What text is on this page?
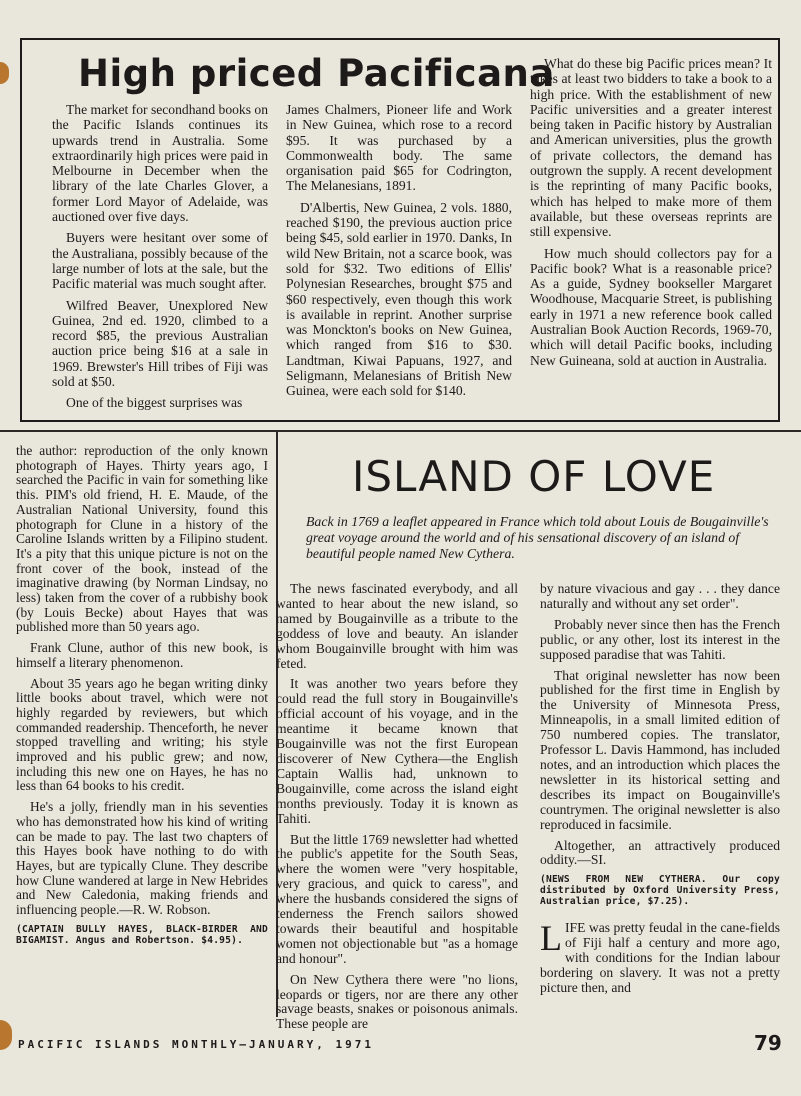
High priced Pacificana

The market for secondhand books on the Pacific Islands continues its upwards trend in Australia. Some extraordinarily high prices were paid in Melbourne in December when the library of the late Charles Glover, a former Lord Mayor of Adelaide, was auctioned over five days.

Buyers were hesitant over some of the Australiana, possibly because of the large number of lots at the sale, but the Pacific material was much sought after.

Wilfred Beaver, Unexplored New Guinea, 2nd ed. 1920, climbed to a record $85, the previous Australian auction price being $16 at a sale in 1969. Brewster's Hill tribes of Fiji was sold at $50.

One of the biggest surprises was

James Chalmers, Pioneer life and Work in New Guinea, which rose to a record $95. It was purchased by a Commonwealth body. The same organisation paid $65 for Codrington, The Melanesians, 1891.

D'Albertis, New Guinea, 2 vols. 1880, reached $190, the previous auction price being $45, sold earlier in 1970. Danks, In wild New Britain, not a scarce book, was sold for $32. Two editions of Ellis' Polynesian Researches, brought $75 and $60 respectively, even though this work is available in reprint. Another surprise was Monckton's books on New Guinea, which ranged from $16 to $30. Landtman, Kiwai Papuans, 1927, and Seligmann, Melanesians of British New Guinea, were each sold for $140.

What do these big Pacific prices mean? It takes at least two bidders to take a book to a high price. With the establishment of new Pacific universities and a greater interest being taken in Pacific history by Australian and American universities, plus the growth of private collectors, the demand has outgrown the supply. A recent development is the reprinting of many Pacific books, which has helped to make more of them available, but these overseas reprints are still expensive.

How much should collectors pay for a Pacific book? What is a reasonable price? As a guide, Sydney bookseller Margaret Woodhouse, Macquarie Street, is publishing early in 1971 a new reference book called Australian Book Auction Records, 1969-70, which will detail Pacific books, including New Guineana, sold at auction in Australia.

the author: reproduction of the only known photograph of Hayes. Thirty years ago, I searched the Pacific in vain for something like this. PIM's old friend, H. E. Maude, of the Australian National University, found this photograph for Clune in a history of the Caroline Islands written by a Filipino student. It's a pity that this unique picture is not on the front cover of the book, instead of the imaginative drawing (by Norman Lindsay, no less) taken from the cover of a rubbishy book (by Louis Becke) about Hayes that was published more than 50 years ago.

Frank Clune, author of this new book, is himself a literary phenomenon.

About 35 years ago he began writing dinky little books about travel, which were not highly regarded by reviewers, but which commanded readership. Thenceforth, he never stopped travelling and writing; his style improved and his public grew; and now, including this new one on Hayes, he has no less than 64 books to his credit.

He's a jolly, friendly man in his seventies who has demonstrated how his kind of writing can be made to pay. The last two chapters of this Hayes book have nothing to do with Hayes, but are typically Clune. They describe how Clune wandered at large in New Hebrides and New Caledonia, making friends and influencing people.—R. W. Robson.

(CAPTAIN BULLY HAYES, BLACK-BIRDER AND BIGAMIST. Angus and Robertson. $4.95).
ISLAND OF LOVE
Back in 1769 a leaflet appeared in France which told about Louis de Bougainville's great voyage around the world and of his sensational discovery of an island of beautiful people named New Cythera.

The news fascinated everybody, and all wanted to hear about the new island, so named by Bougainville as a tribute to the goddess of love and beauty. An islander whom Bougainville brought with him was feted.

It was another two years before they could read the full story in Bougainville's official account of his voyage, and in the meantime it became known that Bougainville was not the first European discoverer of New Cythera—the English Captain Wallis had, unknown to Bougainville, come across the island eight months previously. Today it is known as Tahiti.

But the little 1769 newsletter had whetted the public's appetite for the South Seas, where the women were "very hospitable, very gracious, and quick to caress", and where the husbands considered the signs of tenderness the French sailors showed towards their beautiful and hospitable women not objectionable but "as a homage and honour".

On New Cythera there were "no lions, leopards or tigers, nor are there any other savage beasts, snakes or poisonous animals. These people are

by nature vivacious and gay . . . they dance naturally and without any set order".

Probably never since then has the French public, or any other, lost its interest in the supposed paradise that was Tahiti.

That original newsletter has now been published for the first time in English by the University of Minnesota Press, Minneapolis, in a small limited edition of 750 numbered copies. The translator, Professor L. Davis Hammond, has included notes, and an introduction which places the newsletter in its historical setting and describes its impact on Bougainville's countrymen. The original newsletter is also reproduced in facsimile.

Altogether, an attractively produced oddity.—SI.

(NEWS FROM NEW CYTHERA. Our copy distributed by Oxford University Press, Australian price, $7.25).
LIFE was pretty feudal in the cane-fields of Fiji half a century and more ago, with conditions for the Indian labour bordering on slavery. It was not a pretty picture then, and
PACIFIC ISLANDS MONTHLY—JANUARY, 1971	79
